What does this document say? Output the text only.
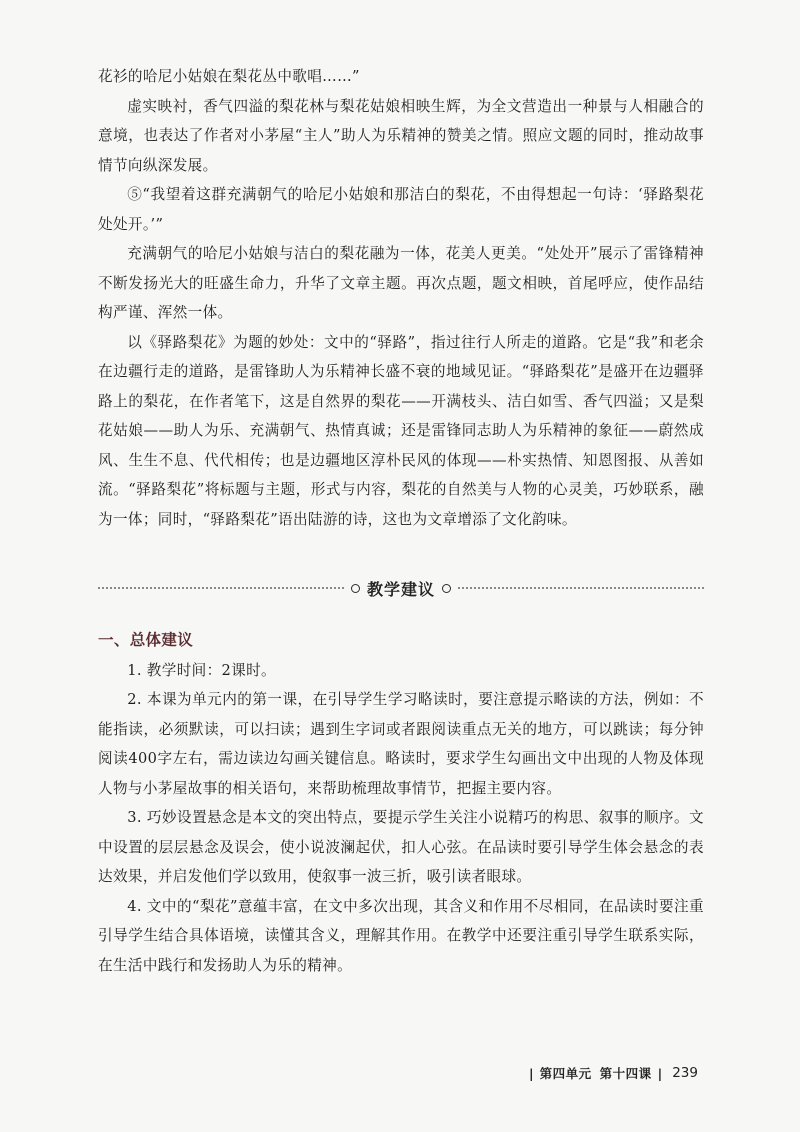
花衫的哈尼小姑娘在梨花丛中歌唱……”

虚实映衬，香气四溢的梨花林与梨花姑娘相映生辉，为全文营造出一种景与人相融合的意境，也表达了作者对小茅屋“主人”助人为乐精神的赞美之情。照应文题的同时，推动故事情节向纵深发展。

⑤“我望着这群充满朝气的哈尼小姑娘和那洁白的梨花，不由得想起一句诗：‘驿路梨花处处开。’”

充满朝气的哈尼小姑娘与洁白的梨花融为一体，花美人更美。“处处开”展示了雷锋精神不断发扬光大的旺盛生命力，升华了文章主题。再次点题，题文相映，首尾呼应，使作品结构严谨、浑然一体。

以《驿路梨花》为题的妙处：文中的“驿路”，指过往行人所走的道路。它是“我”和老余在边疆行走的道路，是雷锋助人为乐精神长盛不衰的地域见证。“驿路梨花”是盛开在边疆驿路上的梨花，在作者笔下，这是自然界的梨花——开满枝头、洁白如雪、香气四溢；又是梨花姑娘——助人为乐、充满朝气、热情真诚；还是雷锋同志助人为乐精神的象征——蔚然成风、生生不息、代代相传；也是边疆地区淳朴民风的体现——朴实热情、知恩图报、从善如流。“驿路梨花”将标题与主题，形式与内容，梨花的自然美与人物的心灵美，巧妙联系，融为一体；同时，“驿路梨花”语出陆游的诗，这也为文章增添了文化韵味。

教学建议

一、总体建议

1. 教学时间：2课时。

2. 本课为单元内的第一课，在引导学生学习略读时，要注意提示略读的方法，例如：不能指读，必须默读，可以扫读；遇到生字词或者跟阅读重点无关的地方，可以跳读；每分钟阅读400字左右，需边读边勾画关键信息。略读时，要求学生勾画出文中出现的人物及体现人物与小茅屋故事的相关语句，来帮助梳理故事情节，把握主要内容。

3. 巧妙设置悬念是本文的突出特点，要提示学生关注小说精巧的构思、叙事的顺序。文中设置的层层悬念及误会，使小说波澜起伏，扣人心弦。在品读时要引导学生体会悬念的表达效果，并启发他们学以致用，使叙事一波三折，吸引读者眼球。

4. 文中的“梨花”意蕴丰富，在文中多次出现，其含义和作用不尽相同，在品读时要注重引导学生结合具体语境，读懂其含义，理解其作用。在教学中还要注重引导学生联系实际，在生活中践行和发扬助人为乐的精神。

| 第四单元 第十四课 | 239
